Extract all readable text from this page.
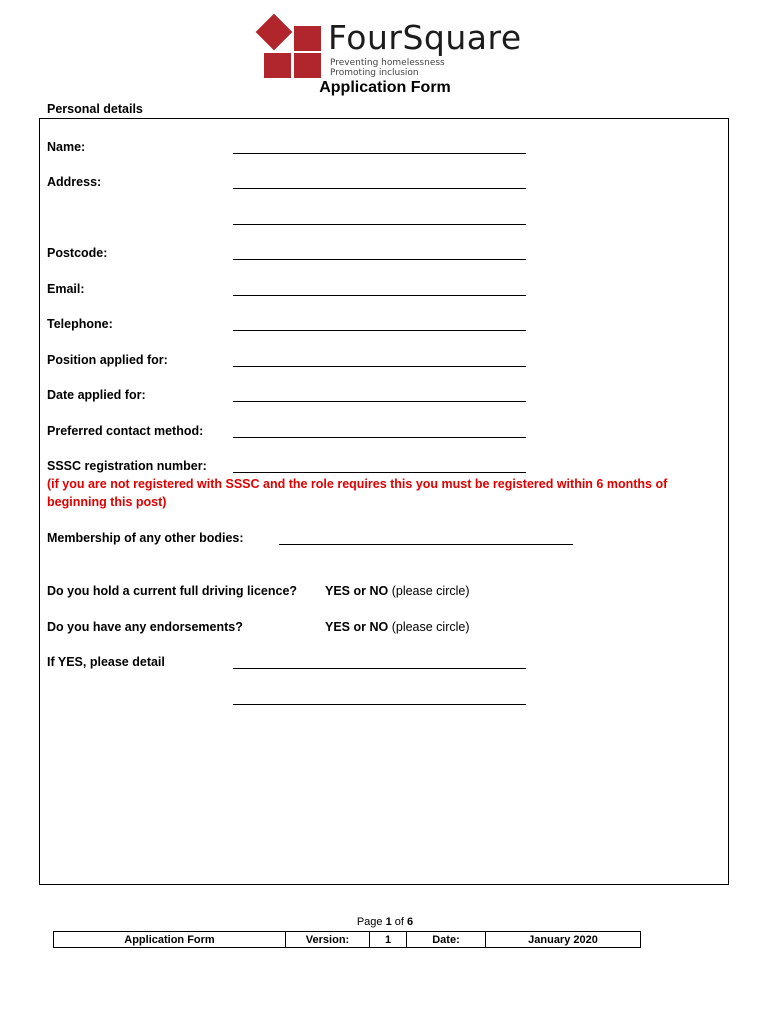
FourSquare
Preventing homelessness
Promoting inclusion
Application Form
Personal details
Name:
Address:
Postcode:
Email:
Telephone:
Position applied for:
Date applied for:
Preferred contact method:
SSSC registration number:
(if you are not registered with SSSC and the role requires this you must be registered within 6 months of beginning this post)
Membership of any other bodies:
Do you hold a current full driving licence? YES or NO (please circle)
Do you have any endorsements?	YES or NO (please circle)
If YES, please detail
Page 1 of 6
Application Form	Version:	1	Date:	January 2020
